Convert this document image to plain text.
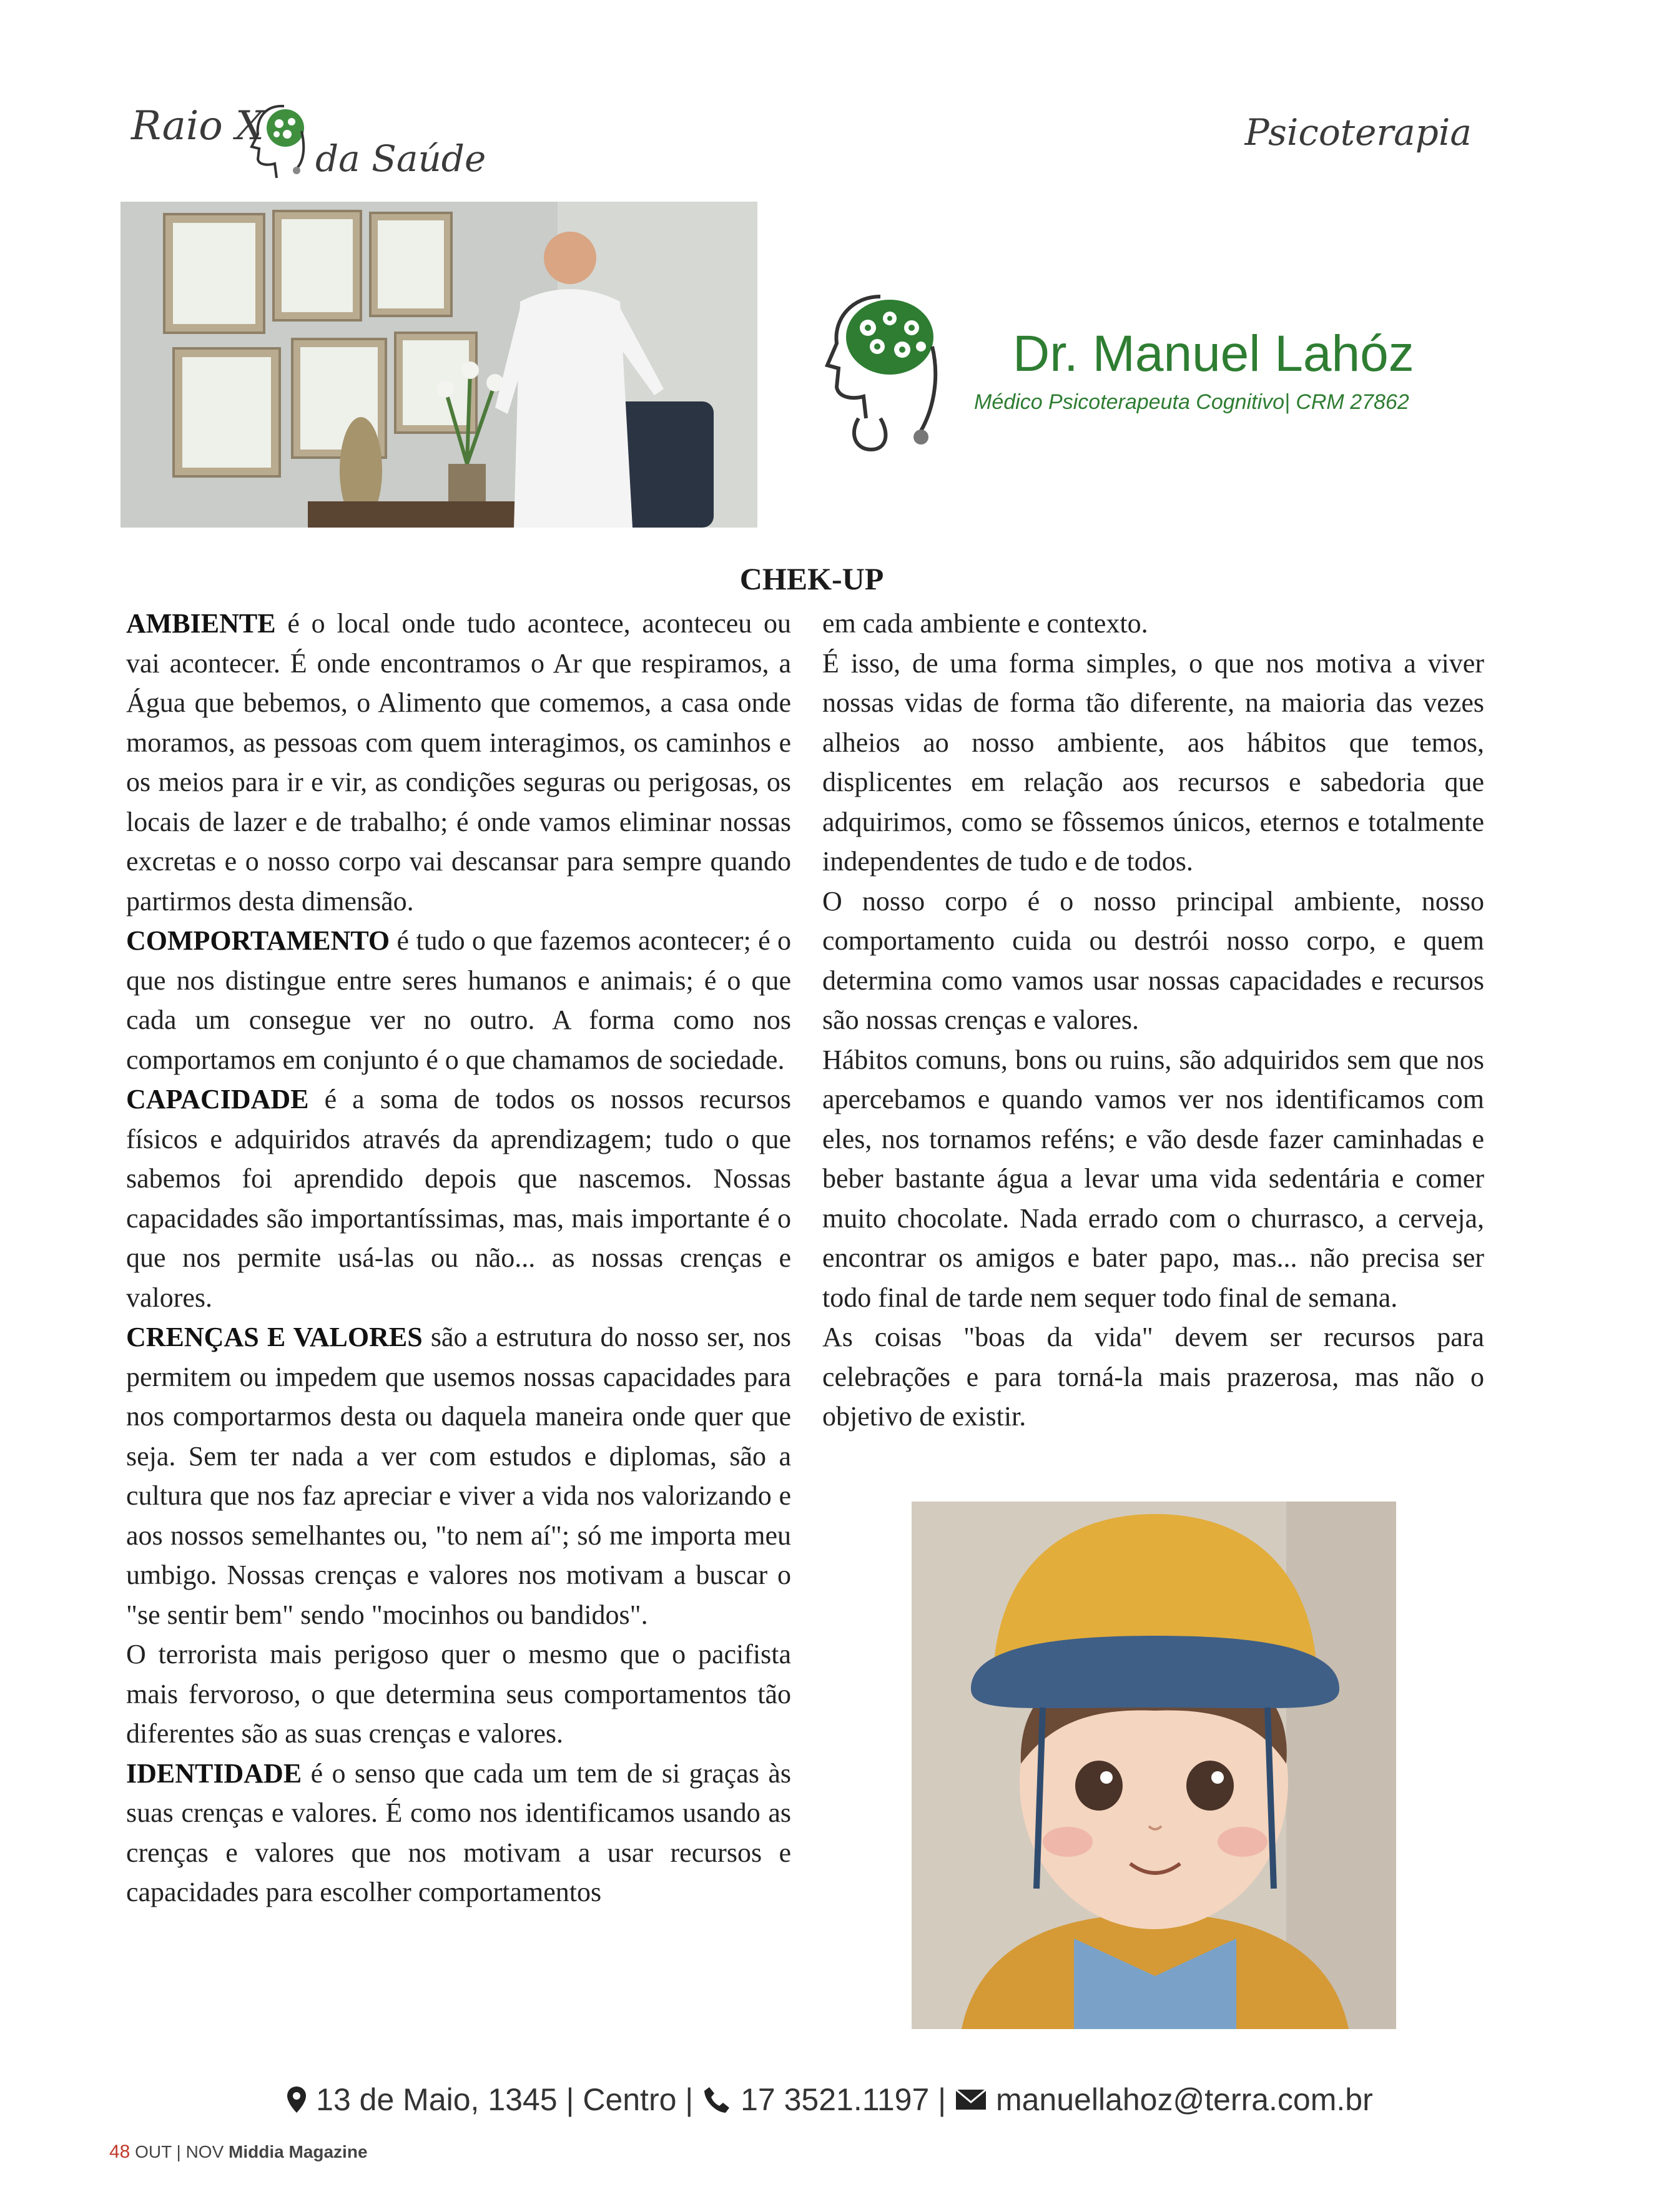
Raio X
da Saúde
Psicoterapia
Dr. Manuel Lahóz
Médico Psicoterapeuta Cognitivo| CRM 27862
CHEK-UP

AMBIENTE é o local onde tudo acontece, aconteceu ou vai acontecer. É onde encontramos o Ar que respiramos, a Água que bebemos, o Alimento que comemos, a casa onde moramos, as pessoas com quem interagimos, os caminhos e os meios para ir e vir, as condições seguras ou perigosas, os locais de lazer e de trabalho; é onde vamos eliminar nossas excretas e o nosso corpo vai descansar para sempre quando partirmos desta dimensão.

COMPORTAMENTO é tudo o que fazemos acontecer; é o que nos distingue entre seres humanos e animais; é o que cada um consegue ver no outro. A forma como nos comportamos em conjunto é o que chamamos de sociedade.

CAPACIDADE é a soma de todos os nossos recursos físicos e adquiridos através da aprendizagem; tudo o que sabemos foi aprendido depois que nascemos. Nossas capacidades são importantíssimas, mas, mais importante é o que nos permite usá-las ou não... as nossas crenças e valores.

CRENÇAS E VALORES são a estrutura do nosso ser, nos permitem ou impedem que usemos nossas capacidades para nos comportarmos desta ou daquela maneira onde quer que seja. Sem ter nada a ver com estudos e diplomas, são a cultura que nos faz apreciar e viver a vida nos valorizando e aos nossos semelhantes ou, "to nem aí"; só me importa meu umbigo. Nossas crenças e valores nos motivam a buscar o "se sentir bem" sendo "mocinhos ou bandidos".

O terrorista mais perigoso quer o mesmo que o pacifista mais fervoroso, o que determina seus comportamentos tão diferentes são as suas crenças e valores.

IDENTIDADE é o senso que cada um tem de si graças às suas crenças e valores. É como nos identificamos usando as crenças e valores que nos motivam a usar recursos e capacidades para escolher comportamentos

em cada ambiente e contexto.

É isso, de uma forma simples, o que nos motiva a viver nossas vidas de forma tão diferente, na maioria das vezes alheios ao nosso ambiente, aos hábitos que temos, displicentes em relação aos recursos e sabedoria que adquirimos, como se fôssemos únicos, eternos e totalmente independentes de tudo e de todos.

O nosso corpo é o nosso principal ambiente, nosso comportamento cuida ou destrói nosso corpo, e quem determina como vamos usar nossas capacidades e recursos são nossas crenças e valores.

Hábitos comuns, bons ou ruins, são adquiridos sem que nos apercebamos e quando vamos ver nos identificamos com eles, nos tornamos reféns; e vão desde fazer caminhadas e beber bastante água a levar uma vida sedentária e comer muito chocolate. Nada errado com o churrasco, a cerveja, encontrar os amigos e bater papo, mas... não precisa ser todo final de tarde nem sequer todo final de semana.

As coisas "boas da vida" devem ser recursos para celebrações e para torná-la mais prazerosa, mas não o objetivo de existir.

13 de Maio, 1345 | Centro | 17 3521.1197 | manuellahoz@terra.com.br
48 OUT | NOV Middia Magazine
